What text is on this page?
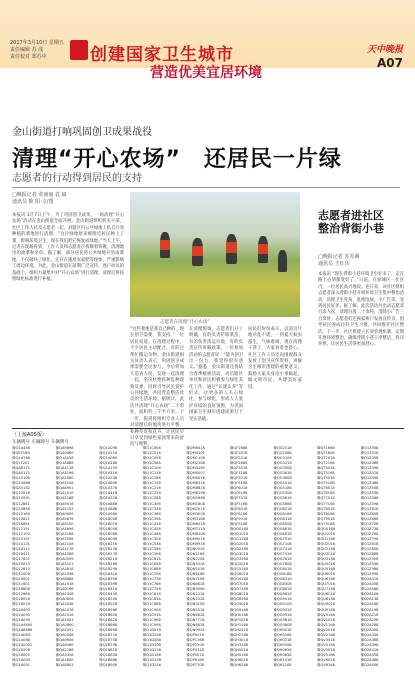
2017年3月10日 星期五
责任编辑 苏 浅
责任校对 郑苏中	创建国家卫生城市
营造优美宜居环境
天中晚报
A07
金山街道打响巩固创卫成果战役
清理“开心农场”　还居民一片绿
志愿者的行动得到居民的支持
□晚报记者 张丽丽 袁 斌
通讯员 欧 阳 文/图
志愿者在清理“开心农场”
本报讯 3月7日上午，为了巩固创卫成果，一场清理“开心农场”活动在金山街道全面开展。金山街道组织机关干部、社区工作人员及志愿者一起，对辖区内公共绿地上私自开垦种植的菜地进行清理。“这片绿地原来被附近居民种上了菜，影响环境卫生，现在我们把它恢复成绿地。”当天上午，记者在现场看到，工作人员和志愿者正挥舞着铁锹，清理地里的油菜和杂草。据了解，部分居民将公共绿地开垦成菜地，不仅破坏了绿化，还存在施用农家肥等现象，严重影响了周边环境。为此，金山街道在前期广泛宣传、逐户动员的基础上，组织力量集中对“开心农场”进行清理，清理后将按照绿化标准进行补植。
“这些菜地是我自己种的，现在创卫需要，我支持。”一位居民说道。在清理过程中，不少居民主动配合，有的还帮忙搬运杂物。金山街道相关负责人表示，巩固创卫成果需要全民参与，今后将加大巡查力度，发现一起清理一起，坚决杜绝私种乱种现象反弹，同时引导居民爱护公共绿地，共同营造整洁优美的生活环境。据统计，此次共清理“开心农场”二十余处，面积约三千平方米。下一步，街道将组织专业人员对清理后的地块进行平整、补种草皮和花卉，让居民早日享受到绿色家园带来的舒适与便利。
在清理现场，志愿者们分工明确，有的负责铲除菜苗，有的负责清运垃圾，有的负责宣传讲解政策。一位参加活动的志愿者说：“能为创卫出一份力，我觉得很有意义。”据悉，金山街道还将结合春季植树活动，动员辖区单位和居民积极参与绿化美化工作，通过“认建认养”等形式，让更多的人关心绿化、参与绿化，形成人人爱护环境的良好氛围，为巩固国家卫生城市创建成果打下坚实基础。
居民们纷纷表示，以前这片地杂乱不堪，一到夏天蚊虫滋生，气味难闻，现在清理干净了，大家看着也舒心。社区工作人员还向围观群众发放了创卫宣传资料，讲解卫生城市创建的重要意义，鼓励大家从身边小事做起，做文明市民，共建美好家园。
志愿者进社区
整治背街小巷
□晚报记者 苏苏淋
通讯员 王红伟
本报讯 “现在背街小巷环境卫生好多了，走在路上心情都变好了。”日前，在驿城区一社区内，一位居民高兴地说。连日来，该社区组织志愿者深入背街小巷开展环境卫生集中整治活动，清理卫生死角、乱堆乱放、小广告等，受到居民好评。据了解，此次活动共出动志愿者百余人次，清理垃圾二十余吨，清除小广告三百余处。志愿者们还挨家挨户发放宣传页，倡导居民养成良好卫生习惯，共同维护社区整洁。下一步，社区将建立长效管理机制，定期开展环境整治，确保背街小巷干净整洁、秩序井然，让居民生活得更加舒心。
（上接A05版）
车辆牌号 车辆牌号 车辆牌号
豫Q1A466
豫QEF166
豫Q1A788
豫Q1F201
豫QA8171
豫QA0171
豫Q1S106
豫Q1U666
豫QA5182
豫Q15016
豫Q1V991
豫Q12861
豫Q10898
豫Q10166
豫Q10821
豫Q1S691
豫Q11191
豫Q11190
豫Q15191
豫Q1A131
豫Q1A111
豫Q18421
豫Q17601
豫Q15050
豫Q12610
豫Q11008
豫Q10001
豫Q11601
豫Q18808
豫Q12666
豫Q18028
豫Q18018
豫Q1A493
豫Q1A095
豫Q1A099
豫Q1A4690
豫Q1A6666
豫Q1AD08
豫Q1A068
豫Q1A0002
豫Q18208
豫Q18000
豫Q1A000
豫Q1A001
豫QA9898
豫QA9860
豫Q1A056
豫Q1A888
豫QA1118
豫QA3196
豫QA2580
豫QA5106
豫QA8901
豫QA1010
豫QA5188
豫QA9016
豫QA5102
豫QA9009
豫QA9876
豫QA9100
豫QA1696
豫QA3188
豫QA7098
豫QA1108
豫QA1178
豫QA1088
豫QA0099
豫QA5101
豫QA3818
豫QA1036
豫QA8888
豫QA1018
豫QA0196
豫QA5008
豫QA0606
豫QA3038
豫QA1078
豫QA1016
豫QA1001
豫QA0860
豫QA5091
豫QA0098
豫QA9606
豫QA6060
豫QA2288
豫QA3358
豫QA1800
豫QA8801
豫Q1A098
豫Q1A218
豫Q1A069
豫Q1A268
豫Q1A109
豫Q1A116
豫Q1A336
豫Q1A606
豫Q1A378
豫Q1A418
豫Q1A528
豫Q1A688
豫Q1A888
豫Q1A986
豫Q1B008
豫Q1B018
豫Q1B058
豫Q1B066
豫Q1B098
豫Q1B116
豫Q1B136
豫Q1B178
豫Q1B216
豫Q1B288
豫Q1B296
豫Q1B318
豫Q1B356
豫Q1B398
豫Q1B416
豫Q1B458
豫Q1B506
豫Q1B528
豫Q1B568
豫Q1B606
豫Q1B628
豫Q1B668
豫Q1B698
豫Q1B716
豫Q1B758
豫Q1B796
豫Q1B818
豫Q1B858
豫Q1B888
豫Q1B906
豫Q1C008
豫Q1C016
豫Q1C056
豫Q1C088
豫Q1C106
豫Q1C128
豫Q1C166
豫Q1C198
豫Q1C216
豫Q1C258
豫Q1C288
豫Q1C306
豫Q1C338
豫Q1C366
豫Q1C398
豫Q1C416
豫Q1C458
豫Q1C488
豫Q1C506
豫Q1C538
豫Q1C566
豫Q1C598
豫Q1C616
豫Q1C658
豫Q1C688
豫Q1C706
豫Q1C738
豫Q1C766
豫Q1C798
豫Q1C816
豫Q1C858
豫Q1C888
豫Q1C906
豫Q1C938
豫Q1C966
豫Q1C998
豫Q1D016
豫Q1D058
豫Q1D088
豫Q1D106
豫Q1D138
豫Q1D166
豫Q1D198
豫Q1D216
豫QM0018
豫QM0101
豫QM1106
豫QM2168
豫QM3180
豫QM5007
豫QM5016
豫QM6318
豫QM8816
豫QM8196
豫QM1666
豫QM1808
豫QM2018
豫QM3008
豫QM3186
豫QM6018
豫QM7118
豫QM8108
豫QM9016
豫QM9916
豫QN0016
豫QN1166
豫QN2208
豫QN3318
豫QN5016
豫QN6166
豫QN7108
豫QN8818
豫QN9096
豫QN1018
豫QN2018
豫QN3108
豫QN5518
豫QN6618
豫QN7718
豫QN8818
豫QN9918
豫QP0016
豫QP1166
豫QP2206
豫QP3318
豫QP5016
豫QP6166
豫QP7108
豫QF1668
豫QF1818
豫QF2018
豫QF2668
豫QF3018
豫QF3168
豫QF5018
豫QF5168
豫QF6018
豫QF6168
豫QF7018
豫QF7168
豫QF8018
豫QF8168
豫QF9018
豫QF9168
豫QG0168
豫QG1018
豫QG1168
豫QG2018
豫QG2168
豫QG3018
豫QG3168
豫QG5018
豫QG5168
豫QG6018
豫QG6168
豫QG7018
豫QG7168
豫QG8018
豫QG8168
豫QG9018
豫QG9168
豫QH0168
豫QH1018
豫QH1168
豫QH2018
豫QH2168
豫QH3018
豫QH3168
豫QH5018
豫QH5168
豫QH6018
豫QH6168
豫QG2018
豫QG2086
豫QG3106
豫QG3218
豫QG3508
豫QG3616
豫QG3808
豫QG5018
豫QG5186
豫QG5308
豫QG5618
豫QG5866
豫QG6018
豫QG6166
豫QG6318
豫QG6508
豫QG6616
豫QG6818
豫QG7016
豫QG7108
豫QG7318
豫QG7516
豫QG7618
豫QG7808
豫QG8016
豫QG8166
豫QG8318
豫QG8508
豫QG8616
豫QG8818
豫QG9016
豫QG9108
豫QG9318
豫QG9516
豫QG9618
豫QG9808
豫QH0016
豫QH0166
豫QH0318
豫QH0508
豫QH0616
豫QH0818
豫QH1016
豫QH1108
豫QT1668
豫QT1808
豫QT2018
豫QT2166
豫QT3018
豫QT3168
豫QT5018
豫QT5168
豫QT6018
豫QT6168
豫QT7018
豫QT7168
豫QT8018
豫QT8168
豫QT9018
豫QT9168
豫QU0168
豫QU1018
豫QU1168
豫QU2018
豫QU2168
豫QU3018
豫QU3168
豫QU5018
豫QU5168
豫QU6018
豫QU6168
豫QU7018
豫QU7168
豫QU8018
豫QU8168
豫QU9018
豫QU9168
豫QV0168
豫QV1018
豫QV1168
豫QV2018
豫QV2168
豫QV3018
豫QV3168
豫QV5018
豫QV5168
豫QV6018
豫QV6168
豫Q1Z308
豫Q1Z316
豫Q1Z358
豫Q1Z366
豫Q1Z398
豫Q1Z416
豫Q1Z458
豫Q1Z488
豫Q1Z506
豫Q1Z538
豫Q1Z566
豫Q1Z598
豫Q1Z616
豫Q1Z658
豫Q1Z688
豫Q1Z706
豫Q1Z738
豫Q1Z766
豫Q1Z798
豫Q1Z816
豫Q1Z858
豫Q1Z888
豫Q1Z906
豫Q1Z938
豫Q1Z966
豫Q1Z998
豫Q2A016
豫Q2A058
豫Q2A088
豫Q2A106
豫Q2A138
豫Q2A166
豫Q2A198
豫Q2A216
豫Q2A258
豫Q2A288
豫Q2A306
豫Q2A338
豫Q2A366
豫Q2A398
豫Q2A416
豫Q2A458
豫Q2A488
豫Q2A506
